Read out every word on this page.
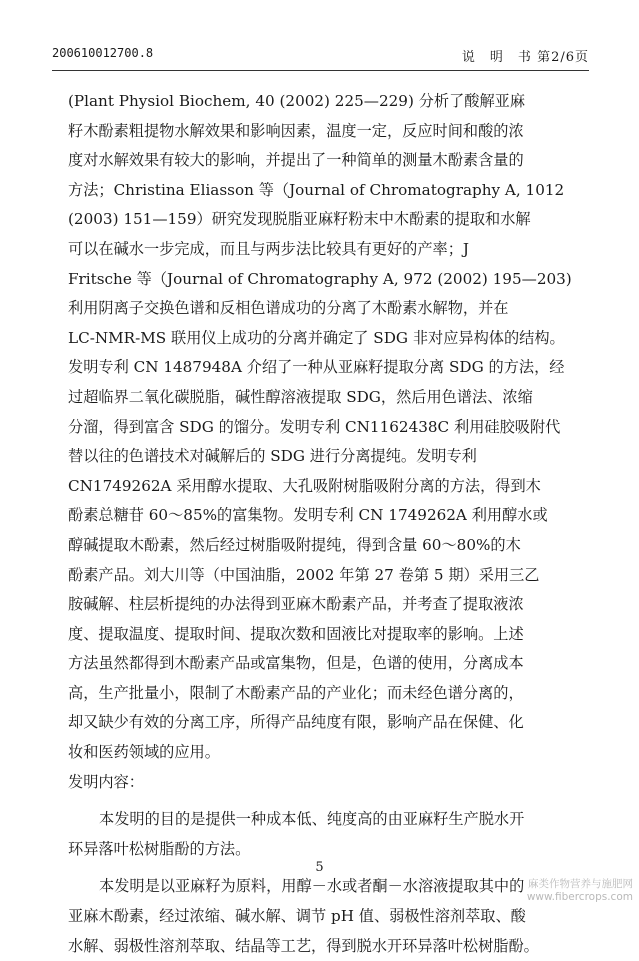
200610012700.8	说　明　书 第2/6页
(Plant Physiol Biochem, 40 (2002) 225—229) 分析了酸解亚麻
籽木酚素粗提物水解效果和影响因素，温度一定，反应时间和酸的浓
度对水解效果有较大的影响，并提出了一种简单的测量木酚素含量的
方法；Christina Eliasson 等（Journal of Chromatography A, 1012
(2003) 151—159）研究发现脱脂亚麻籽粉末中木酚素的提取和水解
可以在碱水一步完成，而且与两步法比较具有更好的产率；J
Fritsche 等（Journal of Chromatography A, 972 (2002) 195—203)
利用阴离子交换色谱和反相色谱成功的分离了木酚素水解物，并在
LC-NMR-MS 联用仪上成功的分离并确定了 SDG 非对应异构体的结构。
发明专利 CN 1487948A 介绍了一种从亚麻籽提取分离 SDG 的方法，经
过超临界二氧化碳脱脂，碱性醇溶液提取 SDG，然后用色谱法、浓缩
分溜，得到富含 SDG 的馏分。发明专利 CN1162438C 利用硅胶吸附代
替以往的色谱技术对碱解后的 SDG 进行分离提纯。发明专利
CN1749262A 采用醇水提取、大孔吸附树脂吸附分离的方法，得到木
酚素总糖苷 60～85%的富集物。发明专利 CN 1749262A 利用醇水或
醇碱提取木酚素，然后经过树脂吸附提纯，得到含量 60～80%的木
酚素产品。刘大川等（中国油脂，2002 年第 27 卷第 5 期）采用三乙
胺碱解、柱层析提纯的办法得到亚麻木酚素产品，并考查了提取液浓
度、提取温度、提取时间、提取次数和固液比对提取率的影响。上述
方法虽然都得到木酚素产品或富集物，但是，色谱的使用，分离成本
高，生产批量小，限制了木酚素产品的产业化；而未经色谱分离的，
却又缺少有效的分离工序，所得产品纯度有限，影响产品在保健、化
妆和医药领域的应用。
发明内容：
本发明的目的是提供一种成本低、纯度高的由亚麻籽生产脱水开
环异落叶松树脂酚的方法。
本发明是以亚麻籽为原料，用醇－水或者酮－水溶液提取其中的
亚麻木酚素，经过浓缩、碱水解、调节 pH 值、弱极性溶剂萃取、酸
水解、弱极性溶剂萃取、结晶等工艺，得到脱水开环异落叶松树脂酚。
5
麻类作物营养与施肥网
www.fibercrops.com
